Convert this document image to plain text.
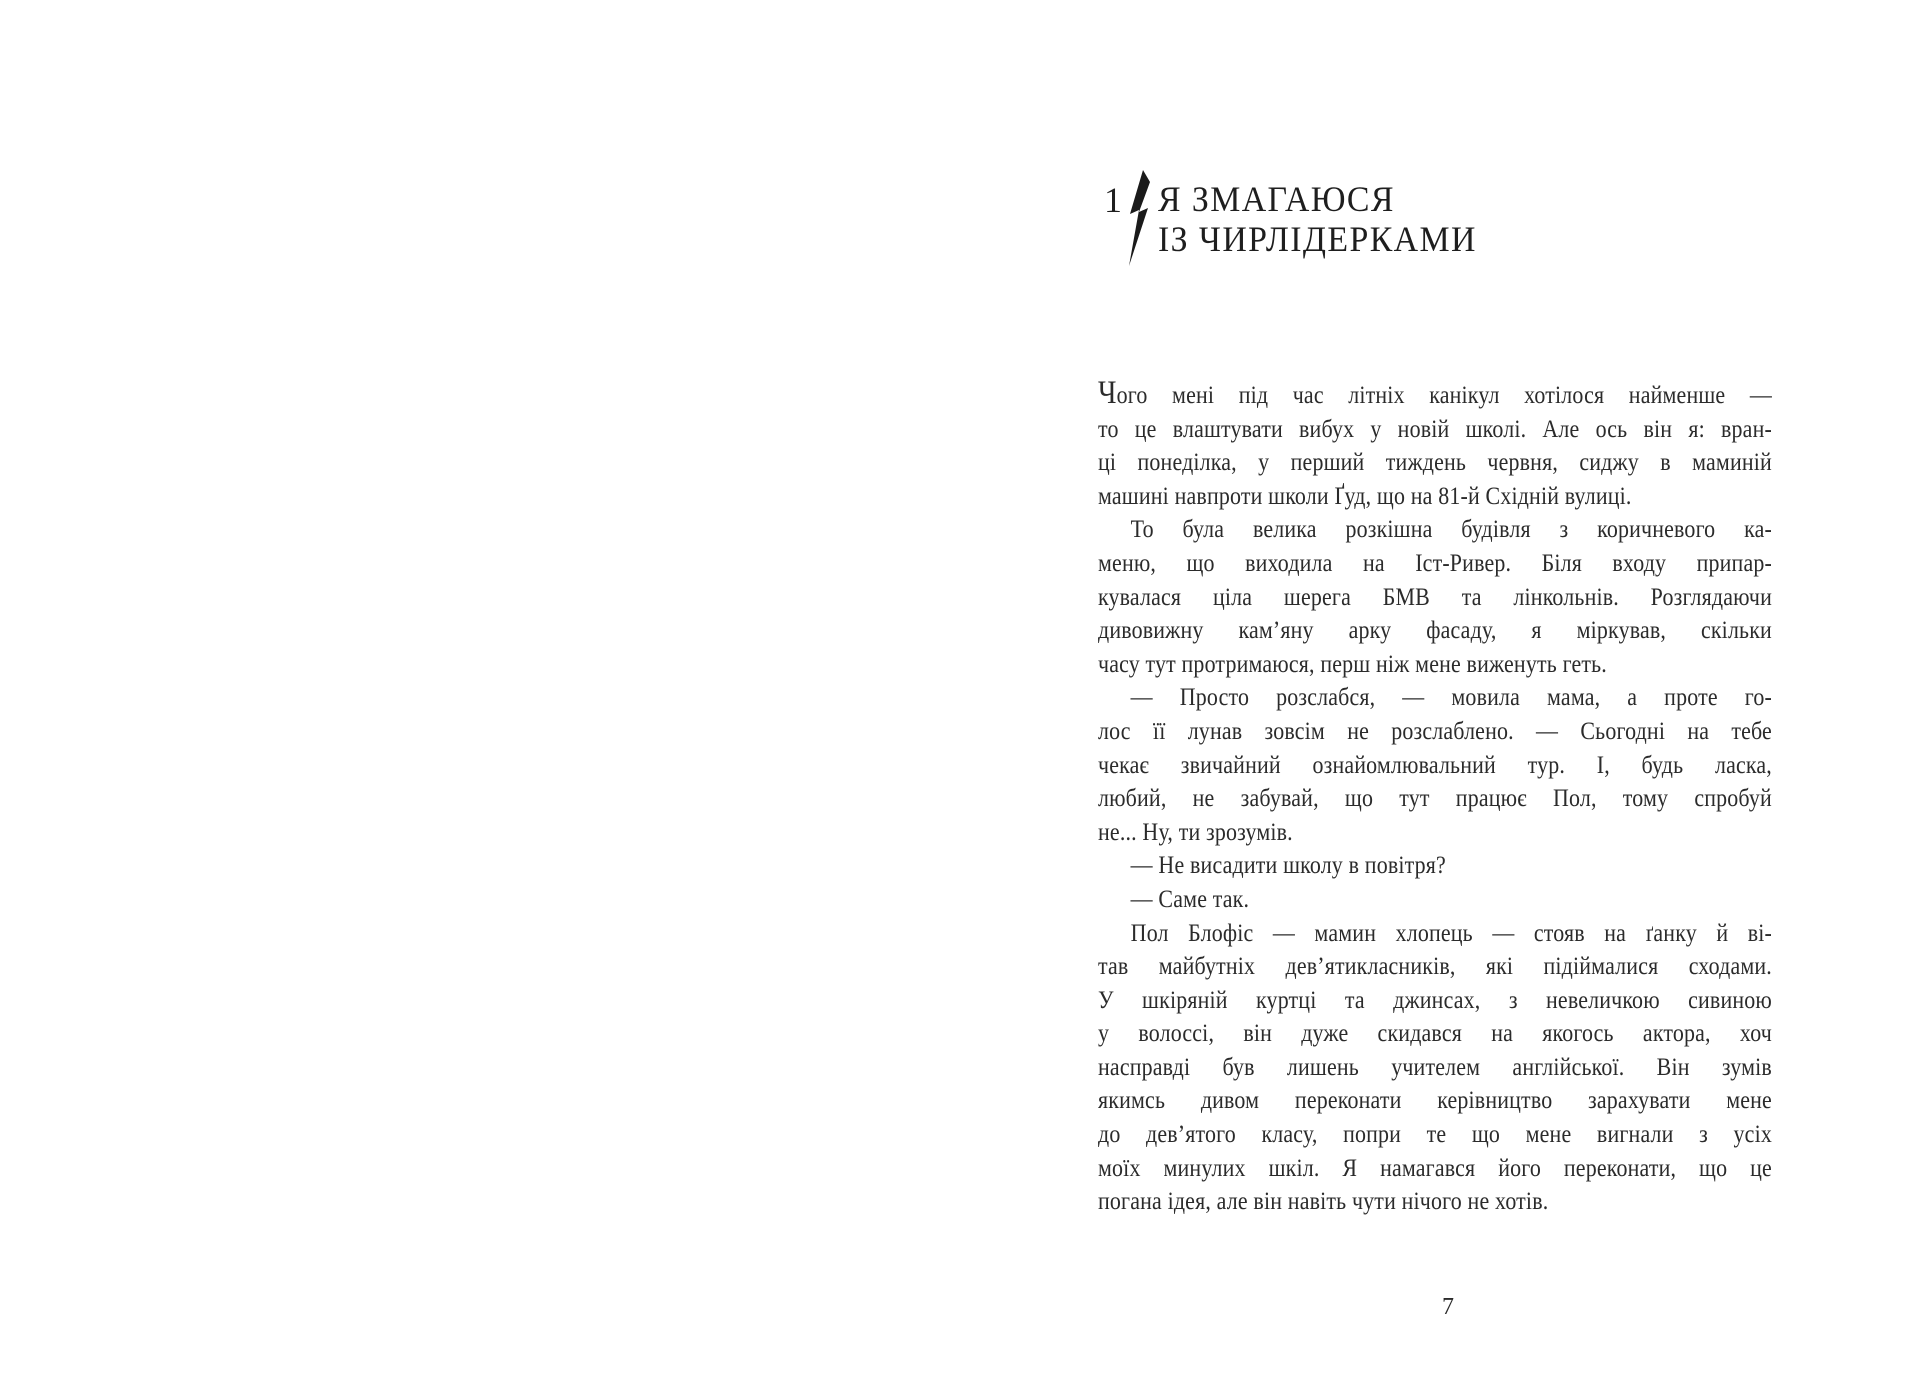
1 Я ЗМАГАЮСЯ
ІЗ ЧИРЛІДЕРКАМИ
Чого мені під час літніх канікул хотілося найменше —
то це влаштувати вибух у новій школі. Але ось він я: вран-
ці понеділка, у перший тиждень червня, сиджу в маминій
машині навпроти школи Ґуд, що на 81-й Східній вулиці.
То була велика розкішна будівля з коричневого ка-
меню, що виходила на Іст-Ривер. Біля входу припар-
кувалася ціла шерега БМВ та лінкольнів. Розглядаючи
дивовижну кам’яну арку фасаду, я міркував, скільки
часу тут протримаюся, перш ніж мене виженуть геть.
— Просто розслабся, — мовила мама, а проте го-
лос її лунав зовсім не розслаблено. — Сьогодні на тебе
чекає звичайний ознайомлювальний тур. І, будь ласка,
любий, не забувай, що тут працює Пол, тому спробуй
не... Ну, ти зрозумів.
— Не висадити школу в повітря?
— Саме так.
Пол Блофіс — мамин хлопець — стояв на ґанку й ві-
тав майбутніх дев’ятикласників, які підіймалися сходами.
У шкіряній куртці та джинсах, з невеличкою сивиною
у волоссі, він дуже скидався на якогось актора, хоч
насправді був лишень учителем англійської. Він зумів
якимсь дивом переконати керівництво зарахувати мене
до дев’ятого класу, попри те що мене вигнали з усіх
моїх минулих шкіл. Я намагався його переконати, що це
погана ідея, але він навіть чути нічого не хотів.
7
